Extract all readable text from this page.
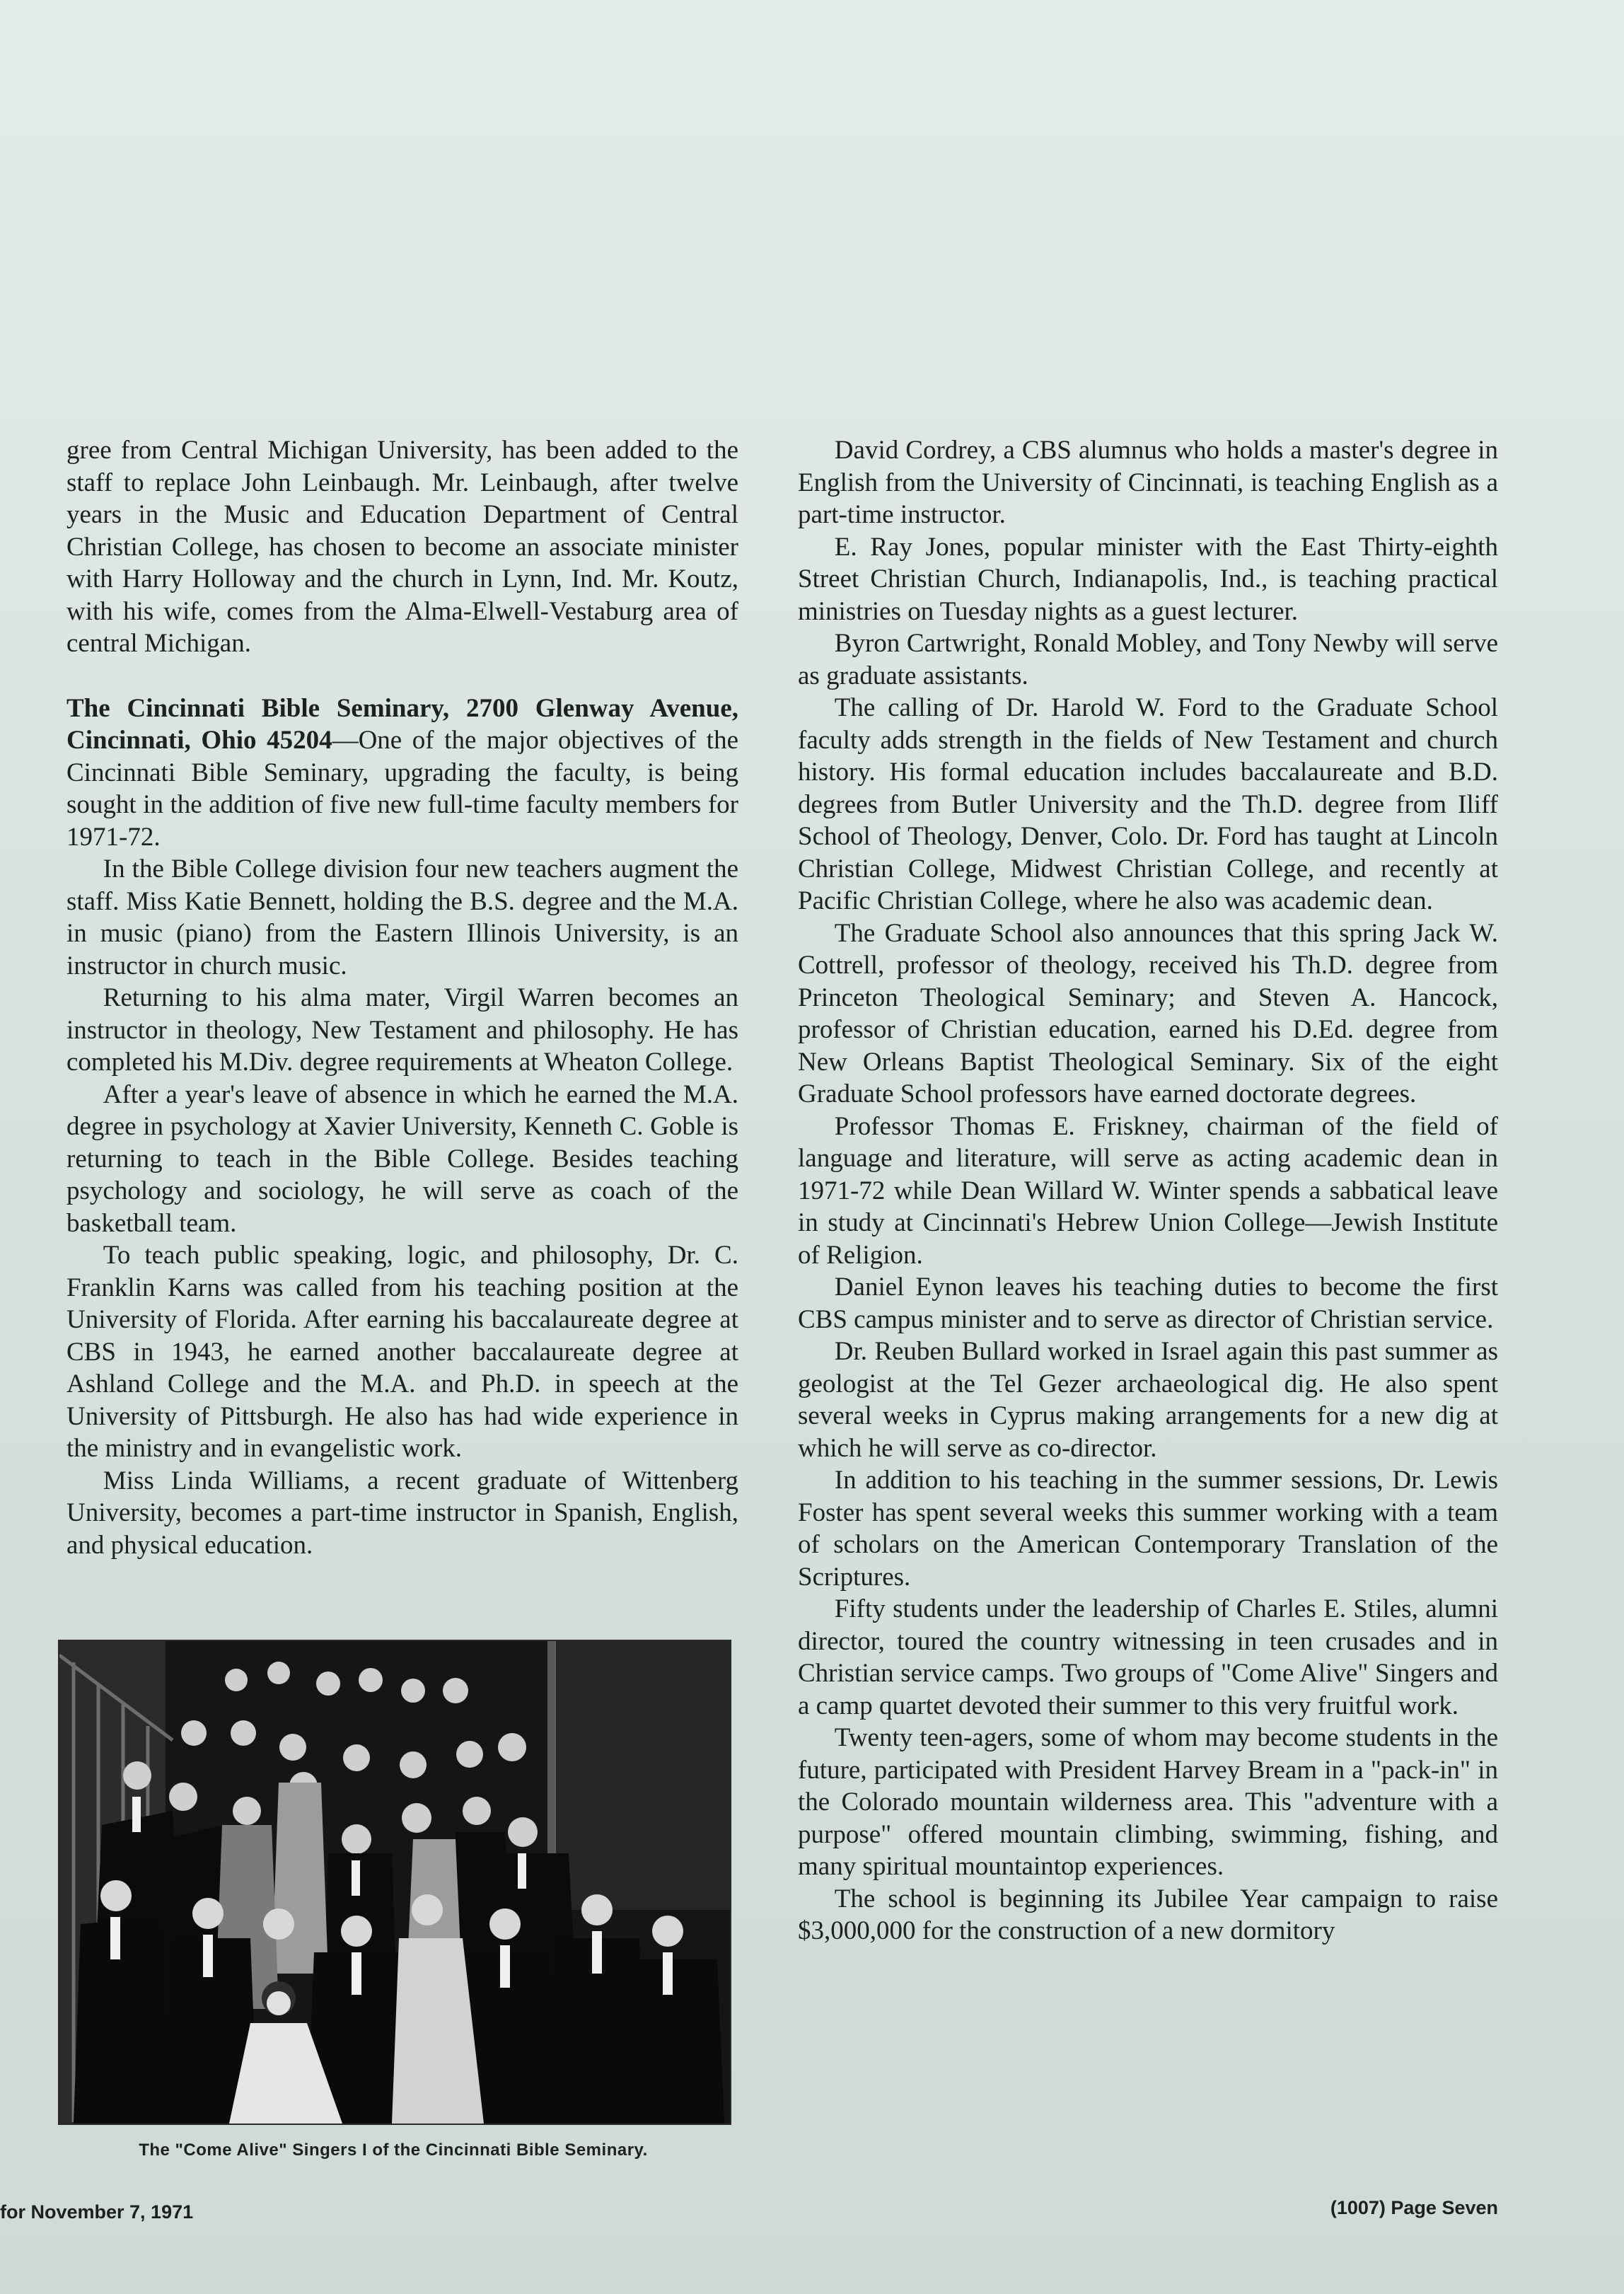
gree from Central Michigan University, has been added to the staff to replace John Leinbaugh. Mr. Leinbaugh, after twelve years in the Music and Education Department of Central Christian College, has chosen to become an associate minister with Harry Holloway and the church in Lynn, Ind. Mr. Koutz, with his wife, comes from the Alma-Elwell-Vestaburg area of central Michigan.

The Cincinnati Bible Seminary, 2700 Glenway Avenue, Cincinnati, Ohio 45204—One of the major objectives of the Cincinnati Bible Seminary, upgrading the faculty, is being sought in the addition of five new full-time faculty members for 1971-72.

In the Bible College division four new teachers augment the staff. Miss Katie Bennett, holding the B.S. degree and the M.A. in music (piano) from the Eastern Illinois University, is an instructor in church music.

Returning to his alma mater, Virgil Warren becomes an instructor in theology, New Testament and philosophy. He has completed his M.Div. degree requirements at Wheaton College.

After a year's leave of absence in which he earned the M.A. degree in psychology at Xavier University, Kenneth C. Goble is returning to teach in the Bible College. Besides teaching psychology and sociology, he will serve as coach of the basketball team.

To teach public speaking, logic, and philosophy, Dr. C. Franklin Karns was called from his teaching position at the University of Florida. After earning his baccalaureate degree at CBS in 1943, he earned another baccalaureate degree at Ashland College and the M.A. and Ph.D. in speech at the University of Pittsburgh. He also has had wide experience in the ministry and in evangelistic work.

Miss Linda Williams, a recent graduate of Wittenberg University, becomes a part-time instructor in Spanish, English, and physical education.

The "Come Alive" Singers I of the Cincinnati Bible Seminary.

David Cordrey, a CBS alumnus who holds a master's degree in English from the University of Cincinnati, is teaching English as a part-time instructor.

E. Ray Jones, popular minister with the East Thirty-eighth Street Christian Church, Indianapolis, Ind., is teaching practical ministries on Tuesday nights as a guest lecturer.

Byron Cartwright, Ronald Mobley, and Tony Newby will serve as graduate assistants.

The calling of Dr. Harold W. Ford to the Graduate School faculty adds strength in the fields of New Testament and church history. His formal education includes baccalaureate and B.D. degrees from Butler University and the Th.D. degree from Iliff School of Theology, Denver, Colo. Dr. Ford has taught at Lincoln Christian College, Midwest Christian College, and recently at Pacific Christian College, where he also was academic dean.

The Graduate School also announces that this spring Jack W. Cottrell, professor of theology, received his Th.D. degree from Princeton Theological Seminary; and Steven A. Hancock, professor of Christian education, earned his D.Ed. degree from New Orleans Baptist Theological Seminary. Six of the eight Graduate School professors have earned doctorate degrees.

Professor Thomas E. Friskney, chairman of the field of language and literature, will serve as acting academic dean in 1971-72 while Dean Willard W. Winter spends a sabbatical leave in study at Cincinnati's Hebrew Union College—Jewish Institute of Religion.

Daniel Eynon leaves his teaching duties to become the first CBS campus minister and to serve as director of Christian service.

Dr. Reuben Bullard worked in Israel again this past summer as geologist at the Tel Gezer archaeological dig. He also spent several weeks in Cyprus making arrangements for a new dig at which he will serve as co-director.

In addition to his teaching in the summer sessions, Dr. Lewis Foster has spent several weeks this summer working with a team of scholars on the American Contemporary Translation of the Scriptures.

Fifty students under the leadership of Charles E. Stiles, alumni director, toured the country witnessing in teen crusades and in Christian service camps. Two groups of "Come Alive" Singers and a camp quartet devoted their summer to this very fruitful work.

Twenty teen-agers, some of whom may become students in the future, participated with President Harvey Bream in a "pack-in" in the Colorado mountain wilderness area. This "adventure with a purpose" offered mountain climbing, swimming, fishing, and many spiritual mountaintop experiences.

The school is beginning its Jubilee Year campaign to raise $3,000,000 for the construction of a new dormitory

for November 7, 1971	(1007) Page Seven
